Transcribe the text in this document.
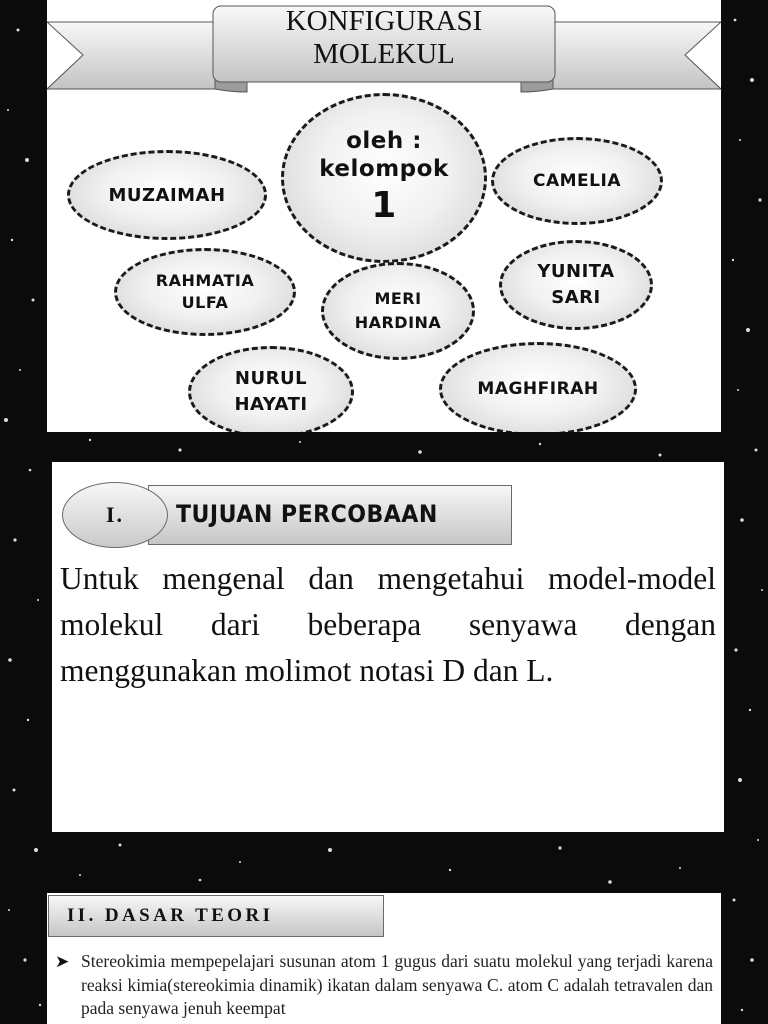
KONFIGURASI MOLEKUL
oleh :
kelompok
1
MUZAIMAH
CAMELIA
RAHMATIA ULFA	MERI HARDINA
YUNITA SARI
NURUL HAYATI
MAGHFIRAH
I.	TUJUAN PERCOBAAN
Untuk mengenal dan mengetahui model-model molekul dari beberapa senyawa dengan menggunakan molimot notasi D dan L.
II. DASAR TEORI
➤ Stereokimia mempepelajari susunan atom 1 gugus dari suatu molekul yang terjadi karena reaksi kimia(stereokimia dinamik) ikatan dalam senyawa C. atom C adalah tetravalen dan pada senyawa jenuh keempat
